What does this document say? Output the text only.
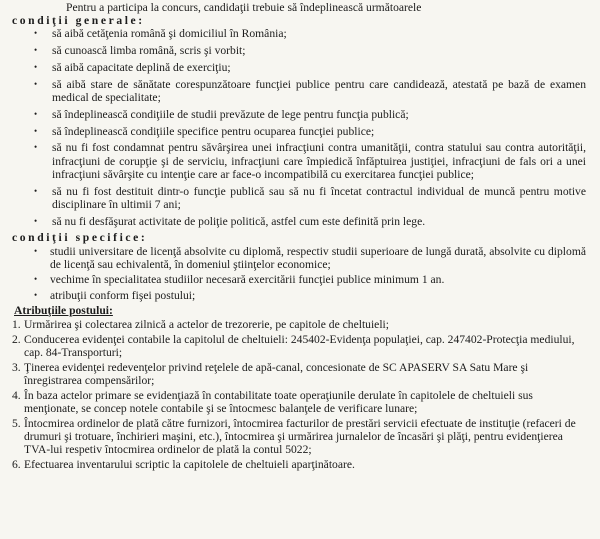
Pentru a participa la concurs, candidaţii trebuie să îndeplinească următoarele
condiţii generale:
• să aibă cetăţenia română şi domiciliul în România;
• să cunoască limba română, scris şi vorbit;
• să aibă capacitate deplină de exerciţiu;
• să aibă stare de sănătate corespunzătoare funcţiei publice pentru care candidează, atestată pe bază de examen medical de specialitate;
• să îndeplinească condiţiile de studii prevăzute de lege pentru funcţia publică;
• să îndeplinească condiţiile specifice pentru ocuparea funcţiei publice;
• să nu fi fost condamnat pentru săvârşirea unei infracţiuni contra umanităţii, contra statului sau contra autorităţii, infracţiuni de corupţie şi de serviciu, infracţiuni care împiedică înfăptuirea justiţiei, infracţiuni de fals ori a unei infracţiuni săvârşite cu intenţie care ar face-o incompatibilă cu exercitarea funcţiei publice;
• să nu fi fost destituit dintr-o funcţie publică sau să nu fi încetat contractul individual de muncă pentru motive disciplinare în ultimii 7 ani;
• să nu fi desfăşurat activitate de poliţie politică, astfel cum este definită prin lege.
condiţii specifice:
• studii universitare de licenţă absolvite cu diplomă, respectiv studii superioare de lungă durată, absolvite cu diplomă de licenţă sau echivalentă, în domeniul ştiinţelor economice;
• vechime în specialitatea studiilor necesară exercitării funcţiei publice minimum 1 an.
• atribuţii conform fişei postului;
Atribuţiile postului:
1. Urmărirea şi colectarea zilnică a actelor de trezorerie, pe capitole de cheltuieli;
2. Conducerea evidenţei contabile la capitolul de cheltuieli: 245402-Evidenţa populaţiei, cap. 247402-Protecţia mediului, cap. 84-Transporturi;
3. Ţinerea evidenţei redevenţelor privind reţelele de apă-canal, concesionate de SC APASERV SA Satu Mare şi înregistrarea compensărilor;
4. În baza actelor primare se evidenţiază în contabilitate toate operaţiunile derulate în capitolele de cheltuieli sus menţionate, se concep notele contabile şi se întocmesc balanţele de verificare lunare;
5. Întocmirea ordinelor de plată către furnizori, întocmirea facturilor de prestări servicii efectuate de instituţie (refaceri de drumuri şi trotuare, închirieri maşini, etc.), întocmirea şi urmărirea jurnalelor de încasări şi plăţi, pentru evidenţierea TVA-lui respetiv întocmirea ordinelor de plată la contul 5022;
6. Efectuarea inventarului scriptic la capitolele de cheltuieli aparţinătoare.
